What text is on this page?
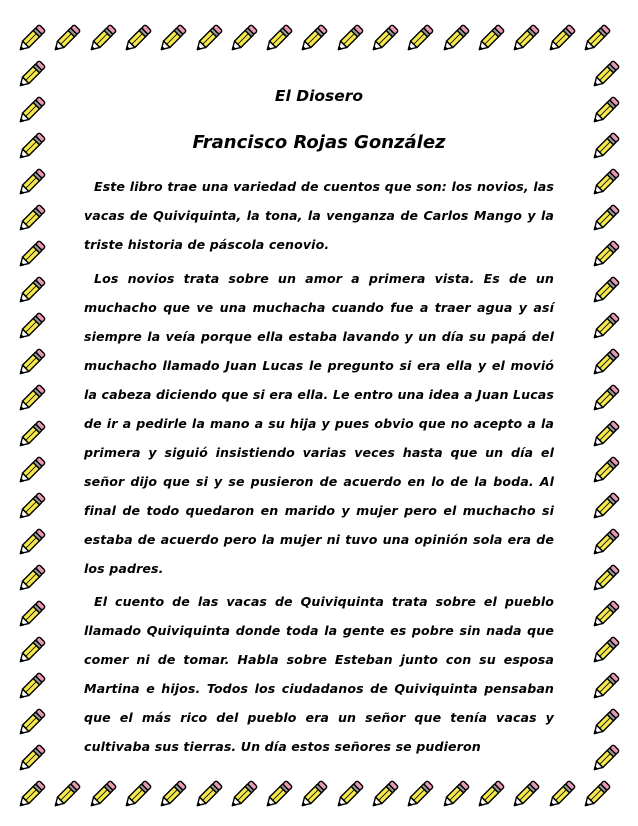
El Diosero
Francisco Rojas González

Este libro trae una variedad de cuentos que son: los novios, las vacas de Quiviquinta, la tona, la venganza de Carlos Mango y la triste historia de páscola cenovio.

Los novios trata sobre un amor a primera vista. Es de un muchacho que ve una muchacha cuando fue a traer agua y así siempre la veía porque ella estaba lavando y un día su papá del muchacho llamado Juan Lucas le pregunto si era ella y el movió la cabeza diciendo que si era ella. Le entro una idea a Juan Lucas de ir a pedirle la mano a su hija y pues obvio que no acepto a la primera y siguió insistiendo varias veces hasta que un día el señor dijo que si y se pusieron de acuerdo en lo de la boda. Al final de todo quedaron en marido y mujer pero el muchacho si estaba de acuerdo pero la mujer ni tuvo una opinión sola era de los padres.

El cuento de las vacas de Quiviquinta trata sobre el pueblo llamado Quiviquinta donde toda la gente es pobre sin nada que comer ni de tomar. Habla sobre Esteban junto con su esposa Martina e hijos. Todos los ciudadanos de Quiviquinta pensaban que el más rico del pueblo era un señor que tenía vacas y cultivaba sus tierras. Un día estos señores se pudieron
